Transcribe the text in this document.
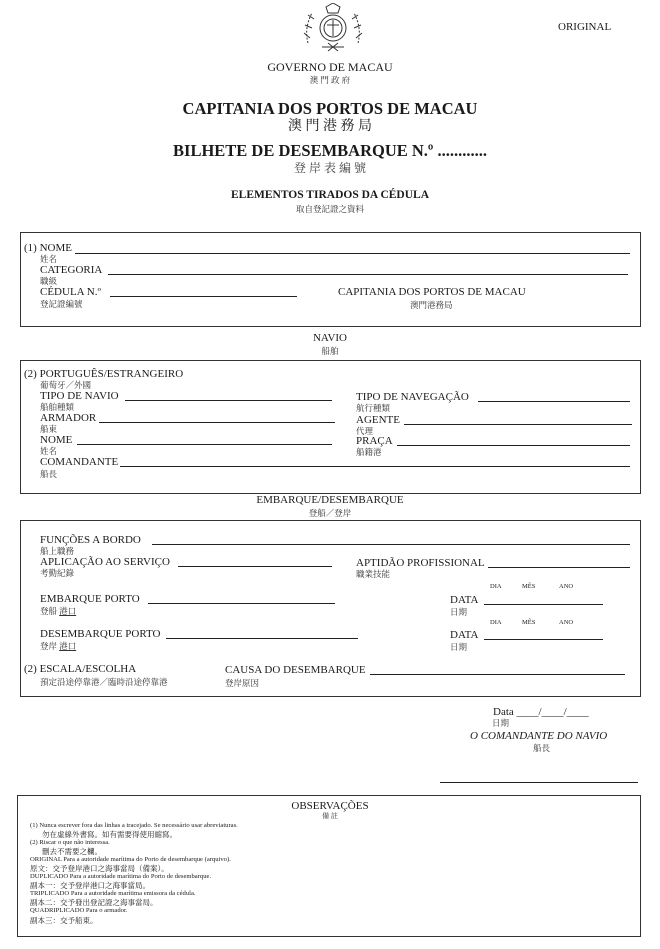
ORIGINAL
GOVERNO DE MACAU
澳 門 政 府
CAPITANIA DOS PORTOS DE MACAU
澳 門 港 務 局
BILHETE DE DESEMBARQUE N.º ............
登 岸 表 編 號
ELEMENTOS TIRADOS DA CÉDULA
取自登記證之資料
(1) NOME
姓名
CATEGORIA
職級
CÉDULA N.º
登記證編號
CAPITANIA DOS PORTOS DE MACAU
澳門港務局
NAVIO
船舶
(2) PORTUGUÊS/ESTRANGEIRO
葡萄牙／外國
TIPO DE NAVIO
船舶種類
TIPO DE NAVEGAÇÃO
航行種類
ARMADOR
船東
AGENTE
代理
NOME
姓名
PRAÇA
船籍港
COMANDANTE
船長
EMBARQUE/DESEMBARQUE
登船／登岸
FUNÇÕES A BORDO
船上職務
APLICAÇÃO AO SERVIÇO
考勤紀錄
APTIDÃO PROFISSIONAL
職業技能
DIA	MÊS	ANO
EMBARQUE PORTO
登船 港口
DATA
日期
DIA	MÊS	ANO
DESEMBARQUE PORTO
登岸 港口
DATA
日期
(2) ESCALA/ESCOLHA
預定沿途停靠港／臨時沿途停靠港
CAUSA DO DESEMBARQUE
登岸原因
Data ____/____/____
日期
O COMANDANTE DO NAVIO
船長
OBSERVAÇÕES
備 註
(1) Nunca escrever fora das linhas a tracejado. Se necessário usar abreviaturas.
勿在虛線外書寫。如有需要得使用縮寫。
(2) Riscar o que não interessa.
刪去不需要之欄。
ORIGINAL Para a autoridade marítima do Porto de desembarque (arquivo).
原文：交予登岸港口之海事當局（備案）。
DUPLICADO Para a autoridade marítima do Porto de desembarque.
副本一：交予登岸港口之海事當局。
TRIPLICADO Para a autoridade marítima emissora da cédula.
副本二：交予發出登記證之海事當局。
QUADRIPLICADO Para o armador.
副本三：交予船東。
